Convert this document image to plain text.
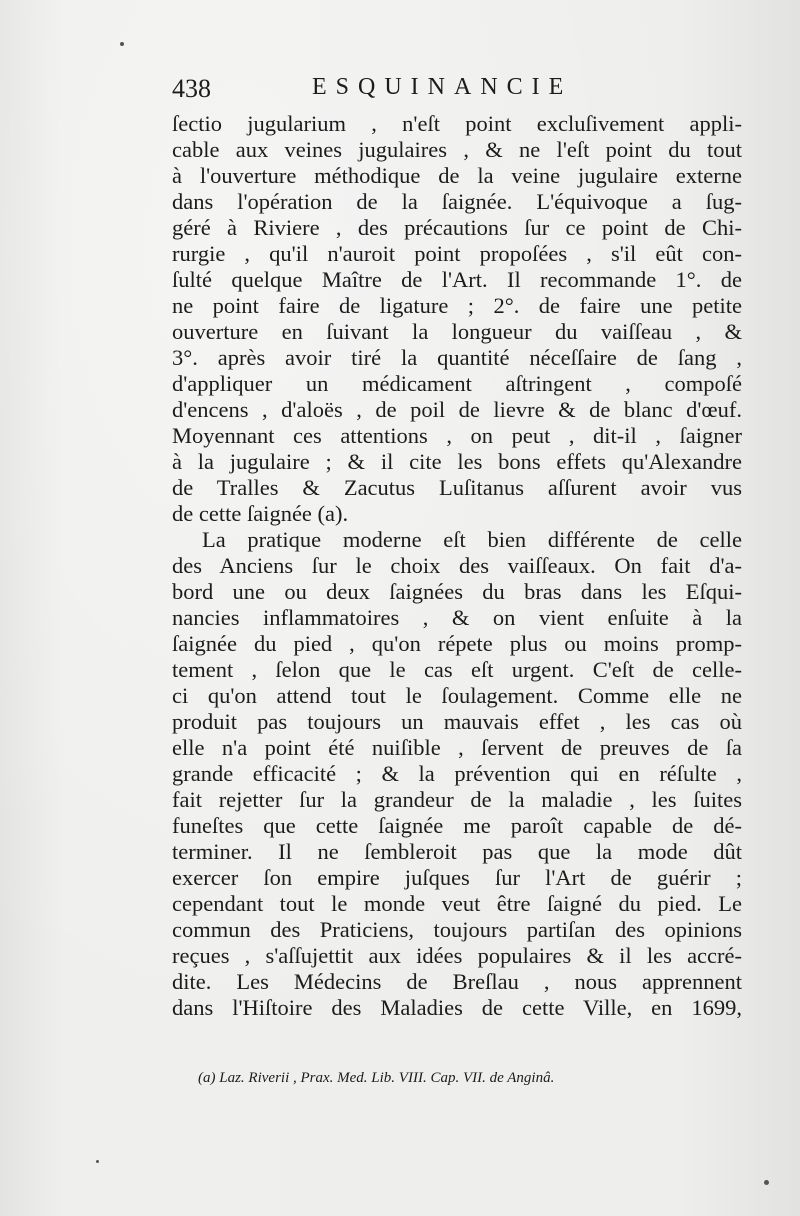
438	ESQUINANCIE
ſectio jugularium , n'eſt point excluſivement appli-
cable aux veines jugulaires , & ne l'eſt point du tout
à l'ouverture méthodique de la veine jugulaire externe
dans l'opération de la ſaignée. L'équivoque a ſug-
géré à Riviere , des précautions ſur ce point de Chi-
rurgie , qu'il n'auroit point propoſées , s'il eût con-
ſulté quelque Maître de l'Art. Il recommande 1°. de
ne point faire de ligature ; 2°. de faire une petite
ouverture en ſuivant la longueur du vaiſſeau , &
3°. après avoir tiré la quantité néceſſaire de ſang ,
d'appliquer un médicament aſtringent , compoſé
d'encens , d'aloës , de poil de lievre & de blanc d'œuf.
Moyennant ces attentions , on peut , dit-il , ſaigner
à la jugulaire ; & il cite les bons effets qu'Alexandre
de Tralles & Zacutus Luſitanus aſſurent avoir vus
de cette ſaignée (a).
La pratique moderne eſt bien différente de celle
des Anciens ſur le choix des vaiſſeaux. On fait d'a-
bord une ou deux ſaignées du bras dans les Eſqui-
nancies inflammatoires , & on vient enſuite à la
ſaignée du pied , qu'on répete plus ou moins promp-
tement , ſelon que le cas eſt urgent. C'eſt de celle-
ci qu'on attend tout le ſoulagement. Comme elle ne
produit pas toujours un mauvais effet , les cas où
elle n'a point été nuiſible , ſervent de preuves de ſa
grande efficacité ; & la prévention qui en réſulte ,
fait rejetter ſur la grandeur de la maladie , les ſuites
funeſtes que cette ſaignée me paroît capable de dé-
terminer. Il ne ſembleroit pas que la mode dût
exercer ſon empire juſques ſur l'Art de guérir ;
cependant tout le monde veut être ſaigné du pied. Le
commun des Praticiens, toujours partiſan des opinions
reçues , s'aſſujettit aux idées populaires & il les accré-
dite. Les Médecins de Breſlau , nous apprennent
dans l'Hiſtoire des Maladies de cette Ville, en 1699,
(a) Laz. Riverii , Prax. Med. Lib. VIII. Cap. VII. de Anginâ.
